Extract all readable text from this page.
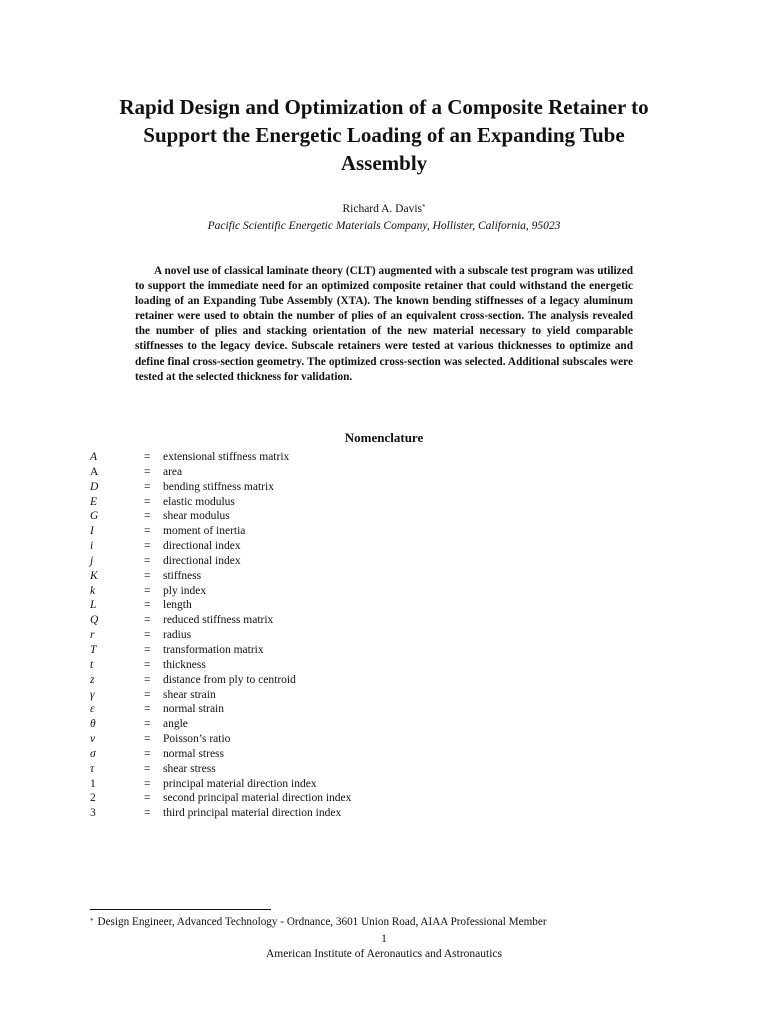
Rapid Design and Optimization of a Composite Retainer to
Support the Energetic Loading of an Expanding Tube
Assembly
Richard A. Davis*
Pacific Scientific Energetic Materials Company, Hollister, California, 95023

A novel use of classical laminate theory (CLT) augmented with a subscale test program was utilized to support the immediate need for an optimized composite retainer that could withstand the energetic loading of an Expanding Tube Assembly (XTA). The known bending stiffnesses of a legacy aluminum retainer were used to obtain the number of plies of an equivalent cross-section. The analysis revealed the number of plies and stacking orientation of the new material necessary to yield comparable stiffnesses to the legacy device. Subscale retainers were tested at various thicknesses to optimize and define final cross-section geometry. The optimized cross-section was selected. Additional subscales were tested at the selected thickness for validation.

Nomenclature
A	= extensional stiffness matrix
A	= area
D	= bending stiffness matrix
E	= elastic modulus
G	= shear modulus
I	= moment of inertia
i	= directional index
j	= directional index
K	= stiffness
k	= ply index
L	= length
Q	= reduced stiffness matrix
r	= radius
T	= transformation matrix
t	= thickness
z	= distance from ply to centroid
γ	= shear strain
ε	= normal strain
θ	= angle
ν	= Poisson’s ratio
σ	= normal stress
τ	= shear stress
1	= principal material direction index
2	= second principal material direction index
3	= third principal material direction index
* Design Engineer, Advanced Technology - Ordnance, 3601 Union Road, AIAA Professional Member
1
American Institute of Aeronautics and Astronautics
